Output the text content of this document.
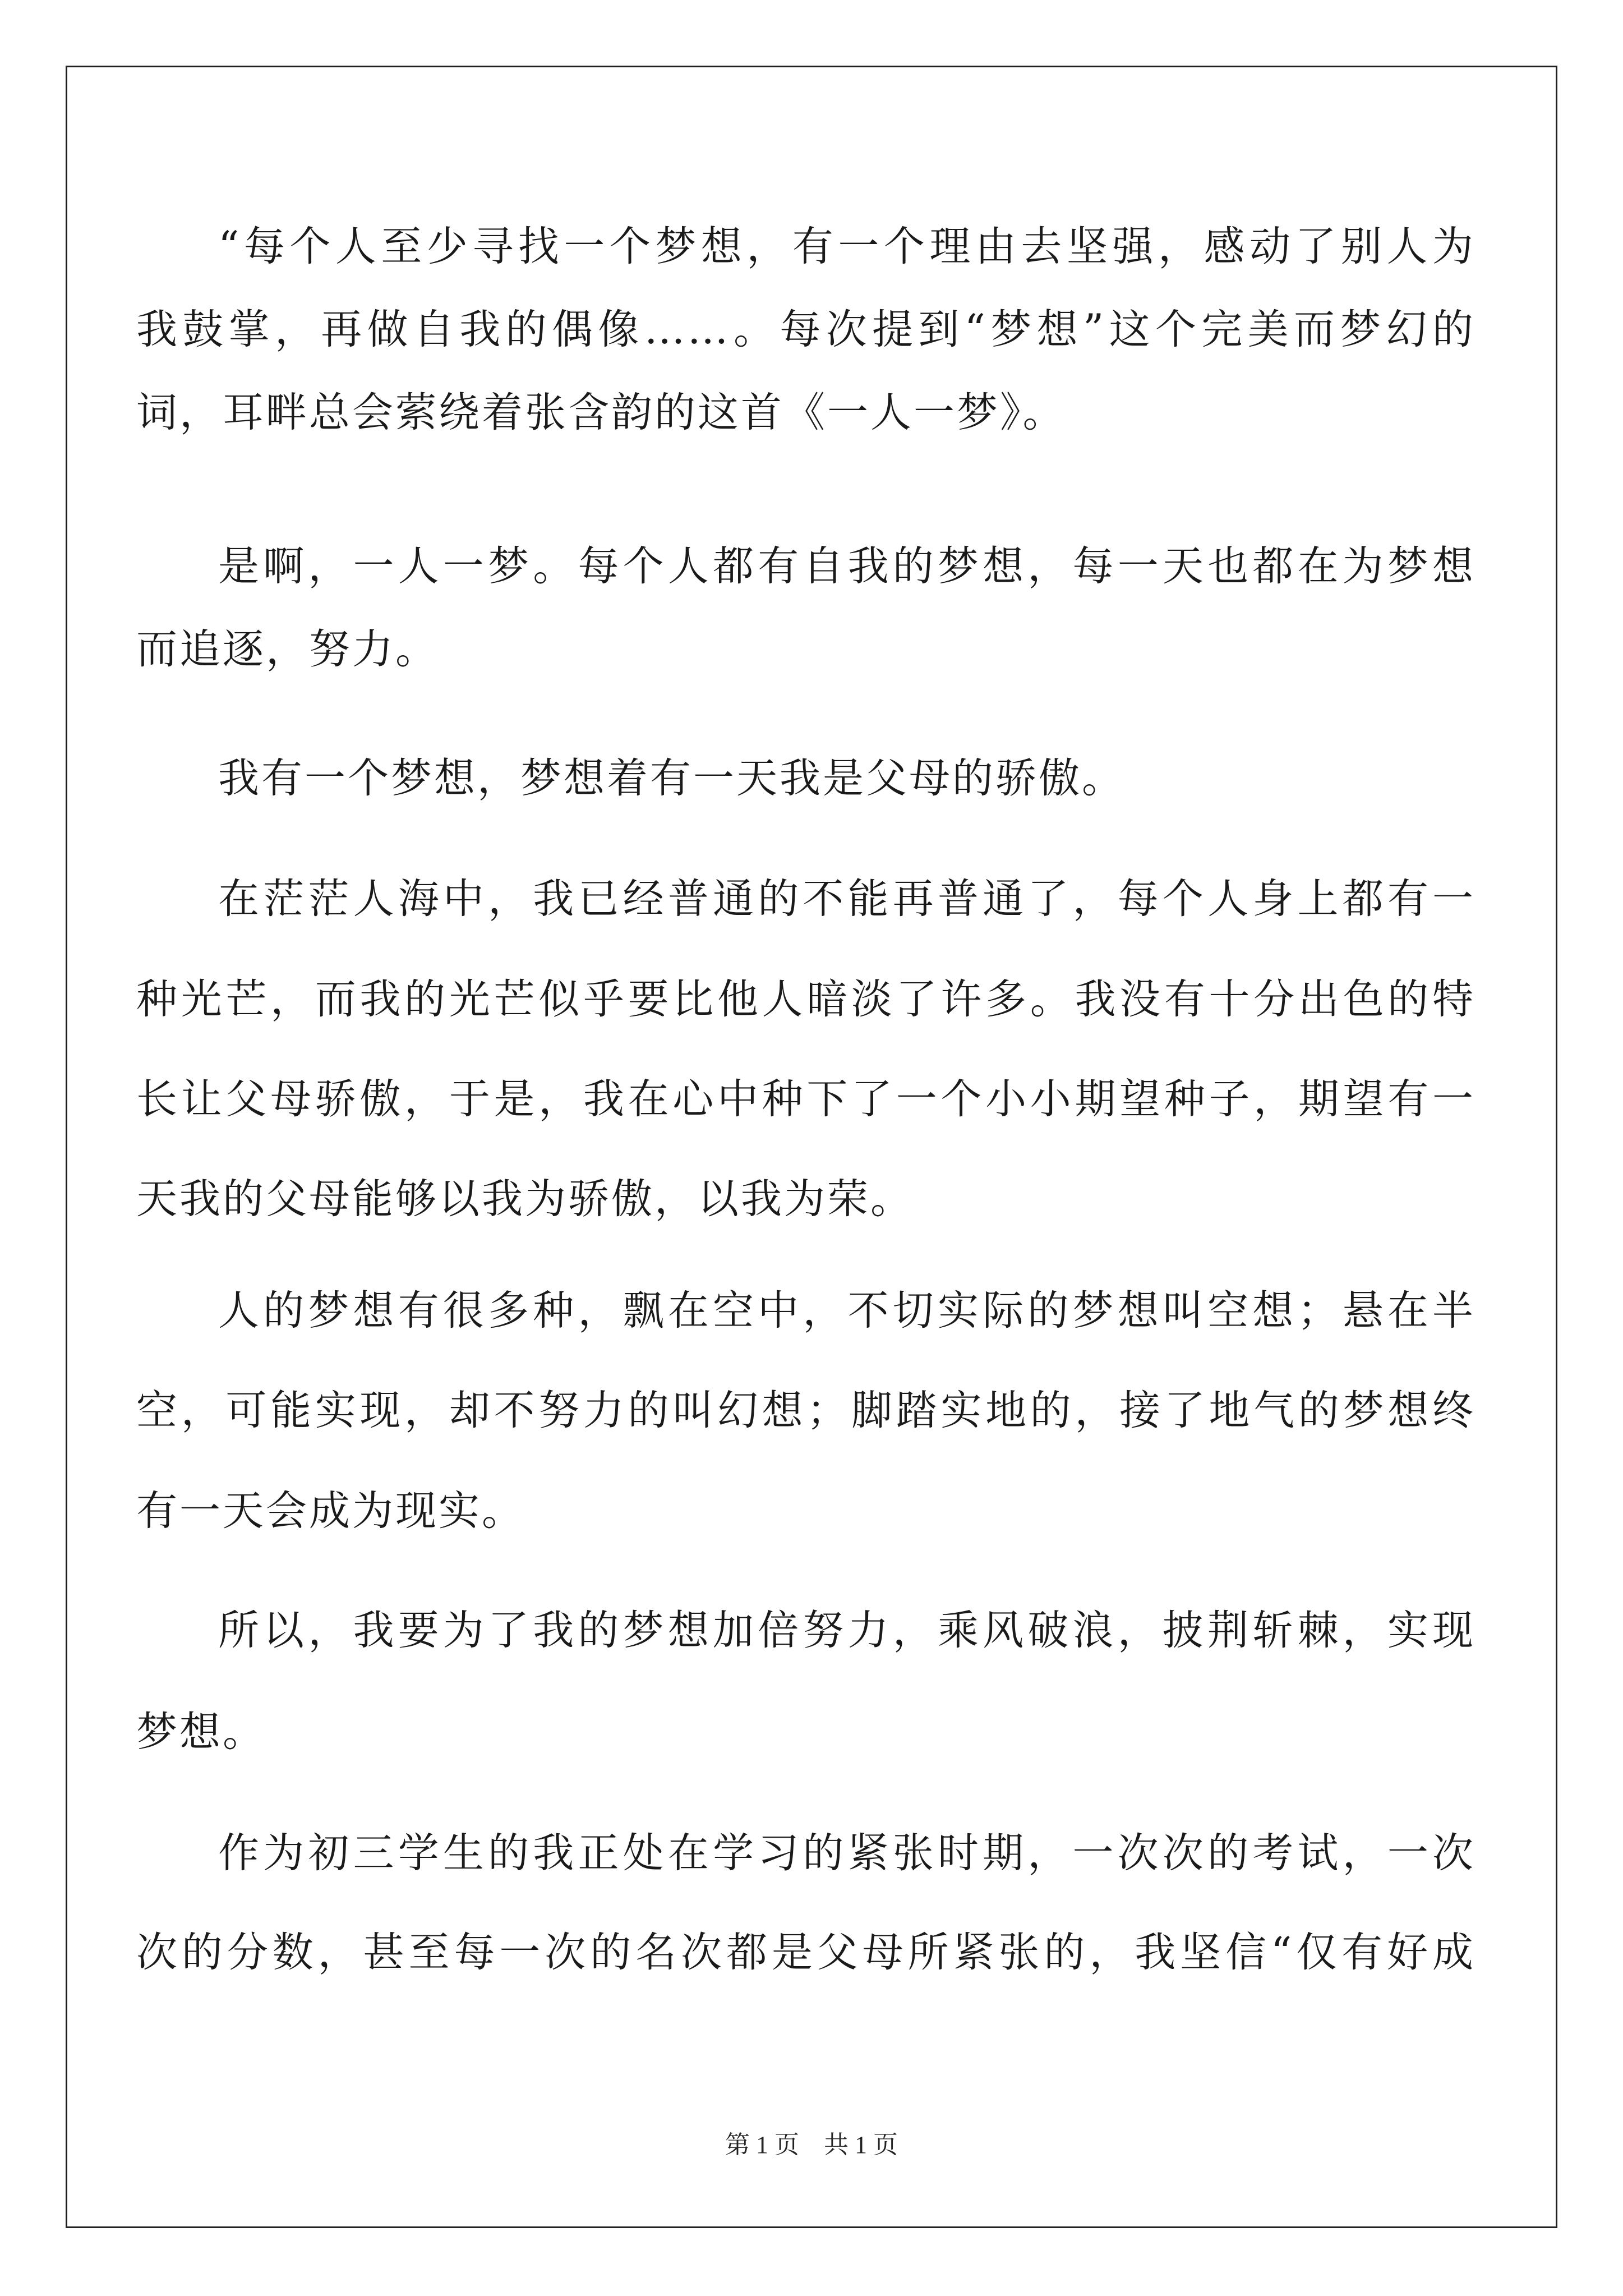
“每个人至少寻找一个梦想，有一个理由去坚强，感动了别人为
我鼓掌，再做自我的偶像……。每次提到“梦想”这个完美而梦幻的
词，耳畔总会萦绕着张含韵的这首《一人一梦》。
是啊，一人一梦。每个人都有自我的梦想，每一天也都在为梦想
而追逐，努力。
我有一个梦想，梦想着有一天我是父母的骄傲。
在茫茫人海中，我已经普通的不能再普通了，每个人身上都有一
种光芒，而我的光芒似乎要比他人暗淡了许多。我没有十分出色的特
长让父母骄傲，于是，我在心中种下了一个小小期望种子，期望有一
天我的父母能够以我为骄傲，以我为荣。
人的梦想有很多种，飘在空中，不切实际的梦想叫空想；悬在半
空，可能实现，却不努力的叫幻想；脚踏实地的，接了地气的梦想终
有一天会成为现实。
所以，我要为了我的梦想加倍努力，乘风破浪，披荆斩棘，实现
梦想。
作为初三学生的我正处在学习的紧张时期，一次次的考试，一次
次的分数，甚至每一次的名次都是父母所紧张的，我坚信“仅有好成
第 1 页　共 1 页
